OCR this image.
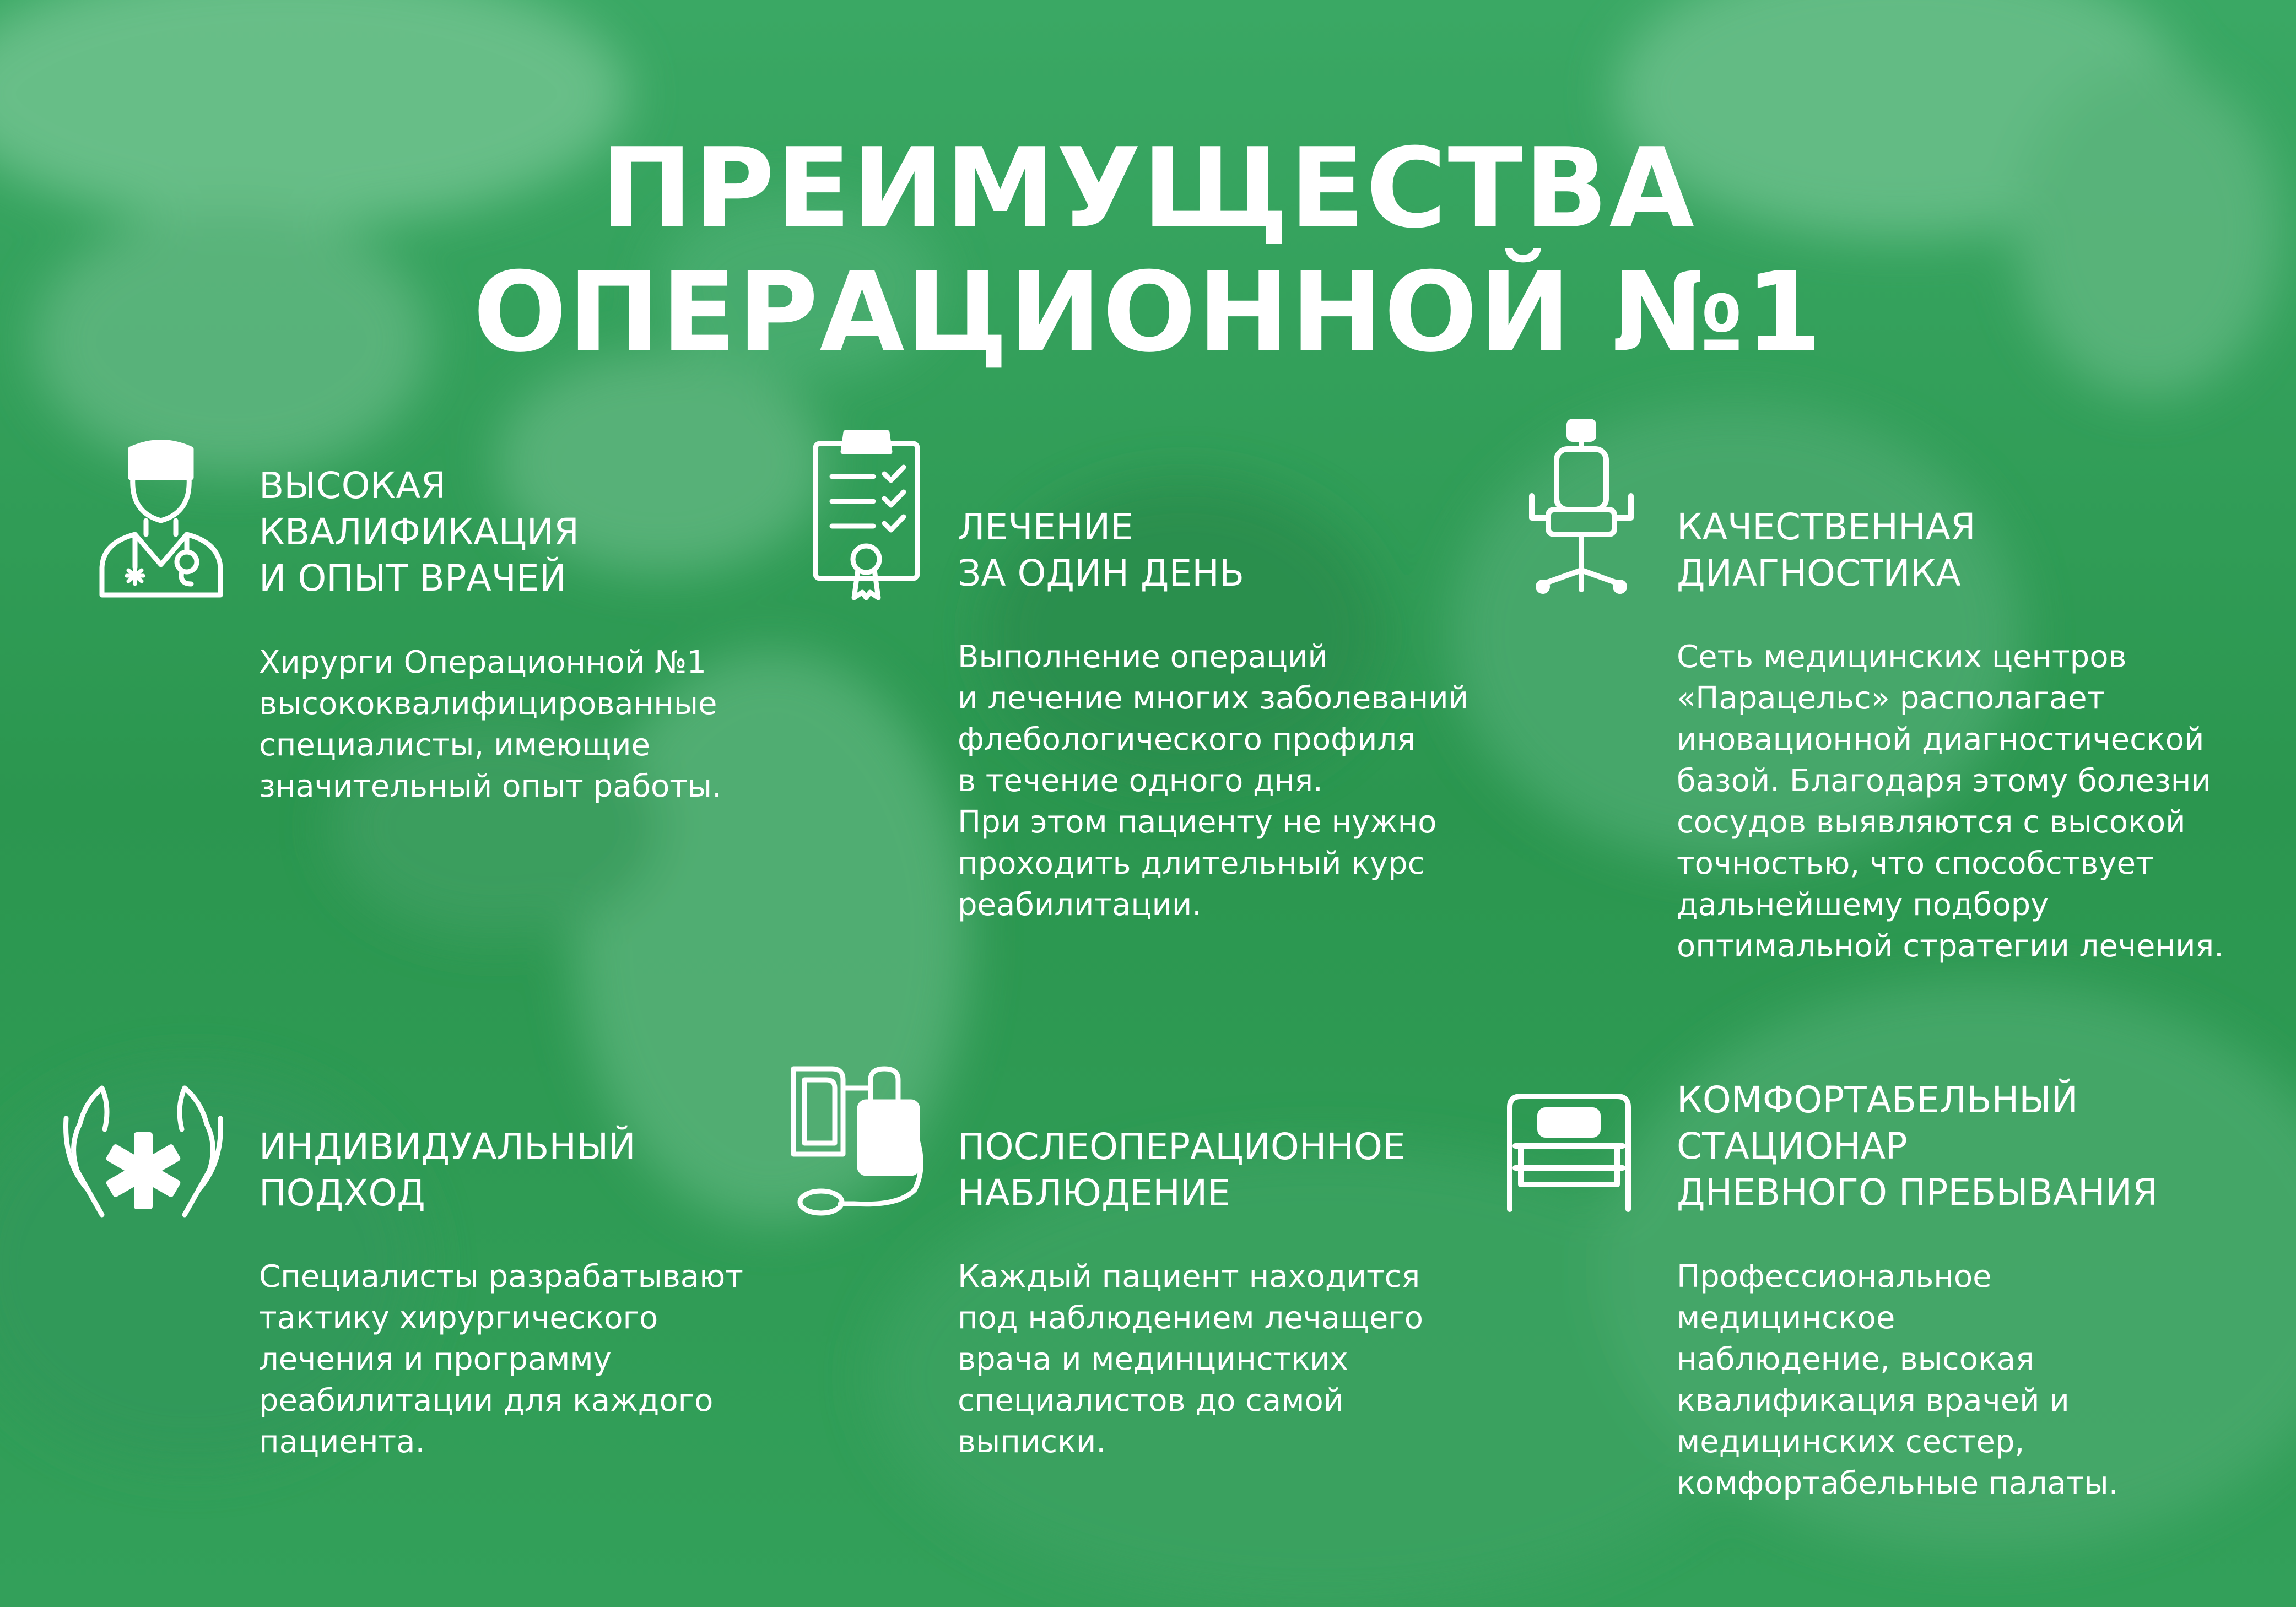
ПРЕИМУЩЕСТВА
ОПЕРАЦИОННОЙ №1
ВЫСОКАЯ
КВАЛИФИКАЦИЯ
И ОПЫТ ВРАЧЕЙ

Хирурги Операционной №1
высококвалифицированные
специалисты, имеющие
значительный опыт работы.

ЛЕЧЕНИЕ
ЗА ОДИН ДЕНЬ

Выполнение операций
и лечение многих заболеваний
флебологического профиля
в течение одного дня.
При этом пациенту не нужно
проходить длительный курс
реабилитации.

КАЧЕСТВЕННАЯ
ДИАГНОСТИКА

Сеть медицинских центров
«Парацельс» располагает
иновационной диагностической
базой. Благодаря этому болезни
сосудов выявляются с высокой
точностью, что способствует
дальнейшему подбору
оптимальной стратегии лечения.

ИНДИВИДУАЛЬНЫЙ
ПОДХОД

Специалисты разрабатывают
тактику хирургического
лечения и программу
реабилитации для каждого
пациента.

ПОСЛЕОПЕРАЦИОННОЕ
НАБЛЮДЕНИЕ

Каждый пациент находится
под наблюдением лечащего
врача и мединцинстких
специалистов до самой
выписки.

КОМФОРТАБЕЛЬНЫЙ
СТАЦИОНАР
ДНЕВНОГО ПРЕБЫВАНИЯ

Профессиональное
медицинское
наблюдение, высокая
квалификация врачей и
медицинских сестер,
комфортабельные палаты.
